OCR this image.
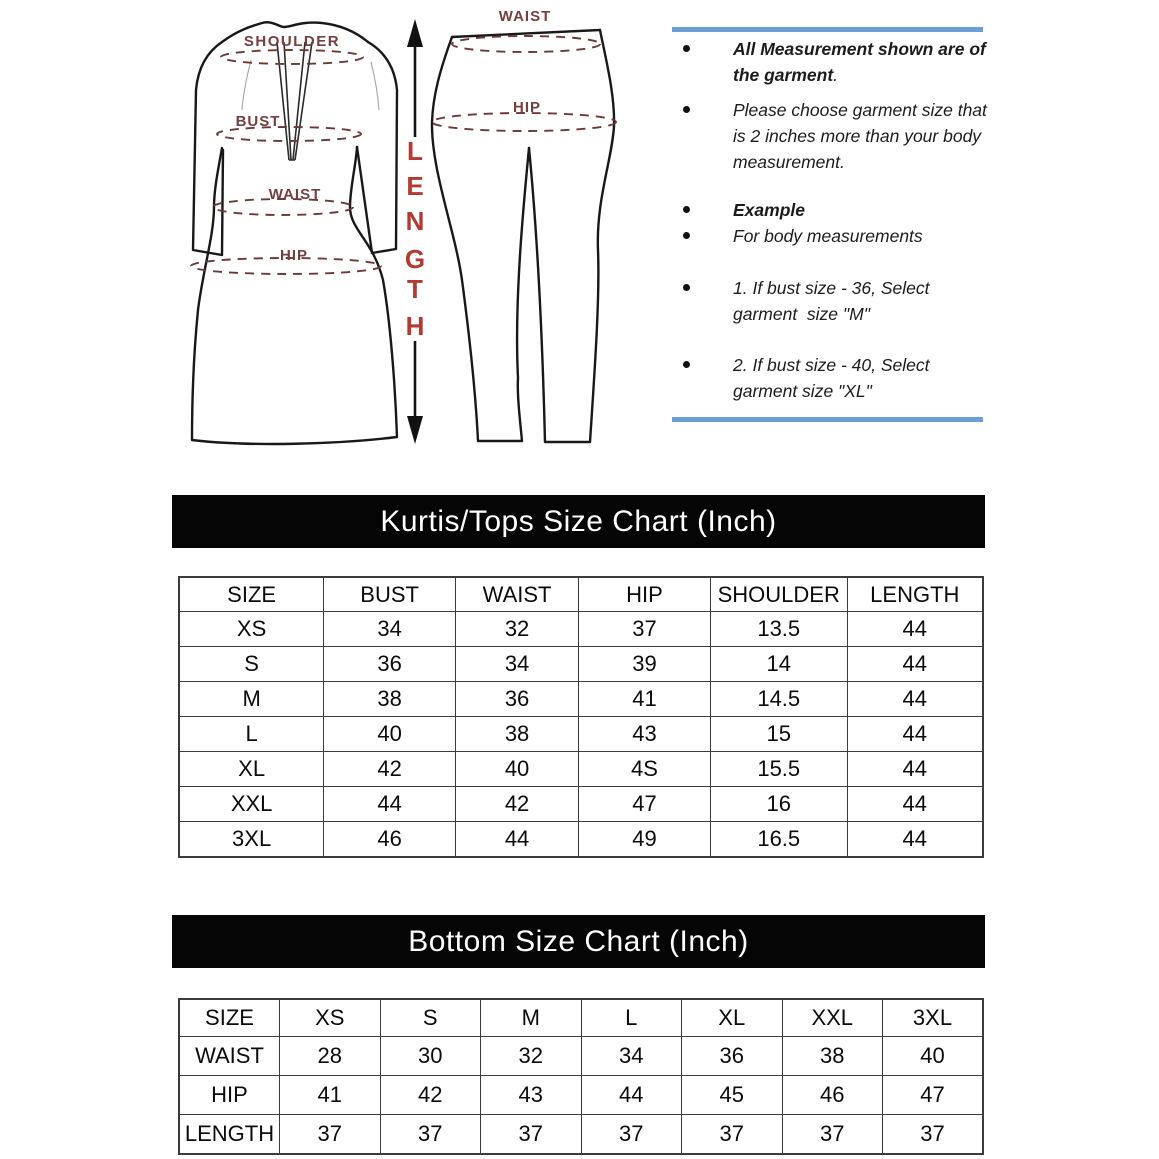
SHOULDER
BUST
WAIST
HIP
L
E
N
G
T
H
WAIST
HIP
All Measurement shown are of the garment.
Please choose garment size that is 2 inches more than your body measurement.
Example
For body measurements
1. If bust size - 36, Select garment  size "M"
2. If bust size - 40, Select garment size "XL"
Kurtis/Tops Size Chart (Inch)
SIZE	BUST	WAIST	HIP	SHOULDER	LENGTH
XS	34	32	37	13.5	44
S	36	34	39	14	44
M	38	36	41	14.5	44
L	40	38	43	15	44
XL	42	40	4S	15.5	44
XXL	44	42	47	16	44
3XL	46	44	49	16.5	44
Bottom Size Chart (Inch)
SIZE	XS	S	M	L	XL	XXL	3XL
WAIST	28	30	32	34	36	38	40
HIP	41	42	43	44	45	46	47
LENGTH	37	37	37	37	37	37	37
